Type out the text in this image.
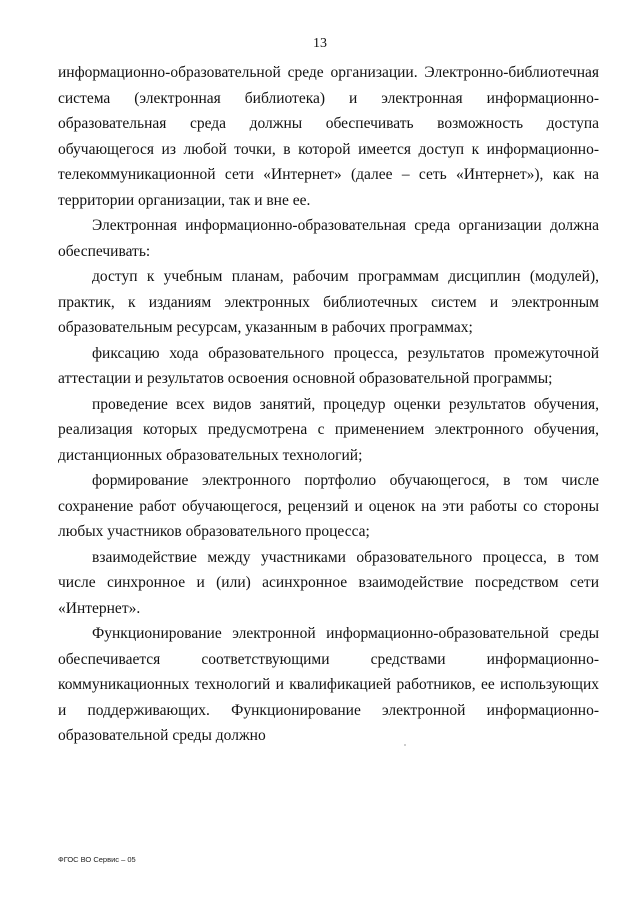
13

информационно-образовательной среде организации. Электронно-библиотечная система (электронная библиотека) и электронная информационно-образовательная среда должны обеспечивать возможность доступа обучающегося из любой точки, в которой имеется доступ к информационно-телекоммуникационной сети «Интернет» (далее – сеть «Интернет»), как на территории организации, так и вне ее.

Электронная информационно-образовательная среда организации должна обеспечивать:

доступ к учебным планам, рабочим программам дисциплин (модулей), практик, к изданиям электронных библиотечных систем и электронным образовательным ресурсам, указанным в рабочих программах;

фиксацию хода образовательного процесса, результатов промежуточной аттестации и результатов освоения основной образовательной программы;

проведение всех видов занятий, процедур оценки результатов обучения, реализация которых предусмотрена с применением электронного обучения, дистанционных образовательных технологий;

формирование электронного портфолио обучающегося, в том числе сохранение работ обучающегося, рецензий и оценок на эти работы со стороны любых участников образовательного процесса;

взаимодействие между участниками образовательного процесса, в том числе синхронное и (или) асинхронное взаимодействие посредством сети «Интернет».

Функционирование электронной информационно-образовательной среды обеспечивается соответствующими средствами информационно-коммуникационных технологий и квалификацией работников, ее использующих и поддерживающих. Функционирование электронной информационно-образовательной среды должно

ФГОС ВО Сервис – 05
